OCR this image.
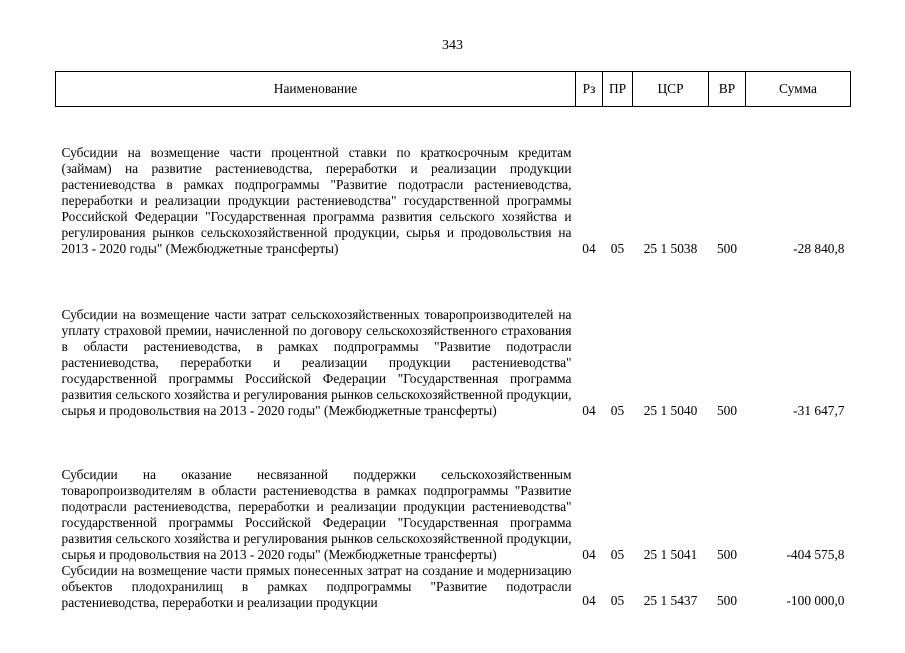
343
Наименование	Рз	ПР	ЦСР	ВР	Сумма
Субсидии на возмещение части процентной ставки по краткосрочным кредитам (займам) на развитие растениеводства, переработки и реализации продукции растениеводства в рамках подпрограммы "Развитие подотрасли растениеводства, переработки и реализации продукции растениеводства" государственной программы Российской Федерации "Государственная программа развития сельского хозяйства и регулирования рынков сельскохозяйственной продукции, сырья и продовольствия на 2013 - 2020 годы" (Межбюджетные трансферты)	04	05	25 1 5038	500	-28 840,8
Субсидии на возмещение части затрат сельскохозяйственных товаропроизводителей на уплату страховой премии, начисленной по договору сельскохозяйственного страхования в области растениеводства, в рамках подпрограммы "Развитие подотрасли растениеводства, переработки и реализации продукции растениеводства" государственной программы Российской Федерации "Государственная программа развития сельского хозяйства и регулирования рынков сельскохозяйственной продукции, сырья и продовольствия на 2013 - 2020 годы" (Межбюджетные трансферты)	04	05	25 1 5040	500	-31 647,7
Субсидии на оказание несвязанной поддержки сельскохозяйственным товаропроизводителям в области растениеводства в рамках подпрограммы "Развитие подотрасли растениеводства, переработки и реализации продукции растениеводства" государственной программы Российской Федерации "Государственная программа развития сельского хозяйства и регулирования рынков сельскохозяйственной продукции, сырья и продовольствия на 2013 - 2020 годы" (Межбюджетные трансферты)	04	05	25 1 5041	500	-404 575,8
Субсидии на возмещение части прямых понесенных затрат на создание и модернизацию объектов плодохранилищ в рамках подпрограммы "Развитие подотрасли растениеводства, переработки и реализации продукции	04	05	25 1 5437	500	-100 000,0
